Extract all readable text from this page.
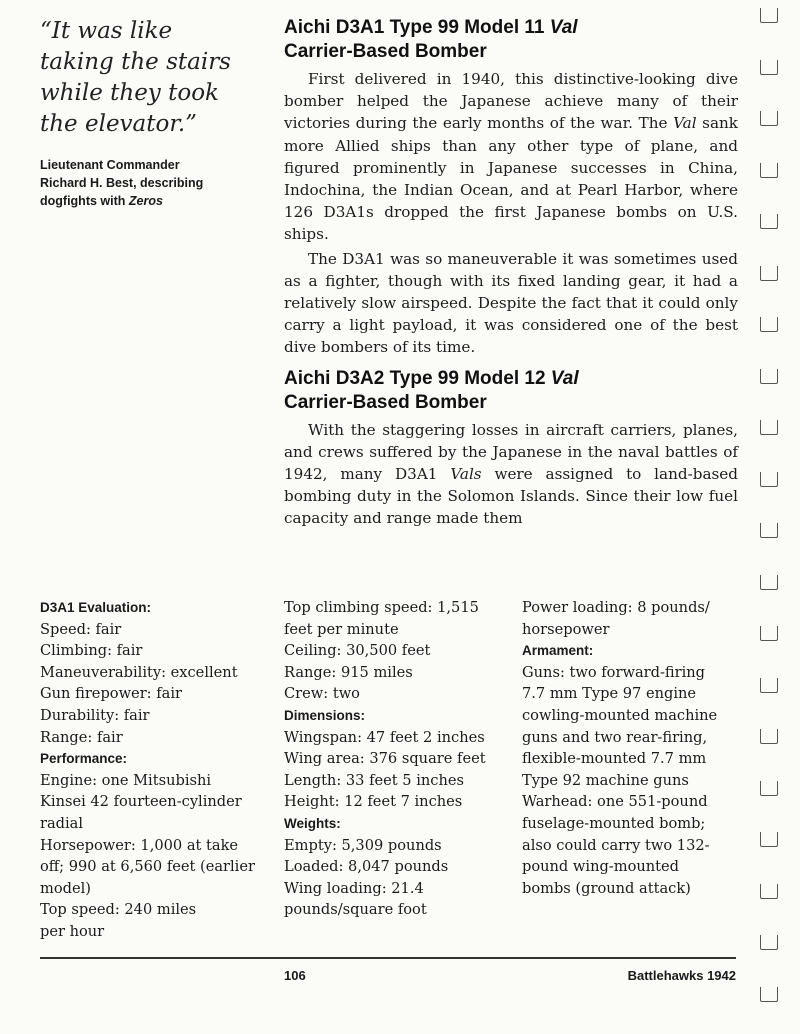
“It was like
taking the stairs
while they took
the elevator.”
Lieutenant Commander
Richard H. Best, describing
dogfights with Zeros
Aichi D3A1 Type 99 Model 11 Val
Carrier-Based Bomber

First delivered in 1940, this distinctive-looking dive bomber helped the Japanese achieve many of their victories during the early months of the war. The Val sank more Allied ships than any other type of plane, and figured prominently in Japanese successes in China, Indochina, the Indian Ocean, and at Pearl Harbor, where 126 D3A1s dropped the first Japanese bombs on U.S. ships.

The D3A1 was so maneuverable it was sometimes used as a fighter, though with its fixed landing gear, it had a relatively slow airspeed. Despite the fact that it could only carry a light payload, it was considered one of the best dive bombers of its time.

Aichi D3A2 Type 99 Model 12 Val
Carrier-Based Bomber

With the staggering losses in aircraft carriers, planes, and crews suffered by the Japanese in the naval battles of 1942, many D3A1 Vals were assigned to land-based bombing duty in the Solomon Islands. Since their low fuel capacity and range made them

D3A1 Evaluation:
Speed: fair
Climbing: fair
Maneuverability: excellent
Gun firepower: fair
Durability: fair
Range: fair
Performance:
Engine: one Mitsubishi
Kinsei 42 fourteen-cylinder
radial
Horsepower: 1,000 at take
off; 990 at 6,560 feet (earlier
model)
Top speed: 240 miles
per hour
Top climbing speed: 1,515
feet per minute
Ceiling: 30,500 feet
Range: 915 miles
Crew: two
Dimensions:
Wingspan: 47 feet 2 inches
Wing area: 376 square feet
Length: 33 feet 5 inches
Height: 12 feet 7 inches
Weights:
Empty: 5,309 pounds
Loaded: 8,047 pounds
Wing loading: 21.4
pounds/square foot
Power loading: 8 pounds/
horsepower
Armament:
Guns: two forward-firing
7.7 mm Type 97 engine
cowling-mounted machine
guns and two rear-firing,
flexible-mounted 7.7 mm
Type 92 machine guns
Warhead: one 551-pound
fuselage-mounted bomb;
also could carry two 132-
pound wing-mounted
bombs (ground attack)
106	Battlehawks 1942
